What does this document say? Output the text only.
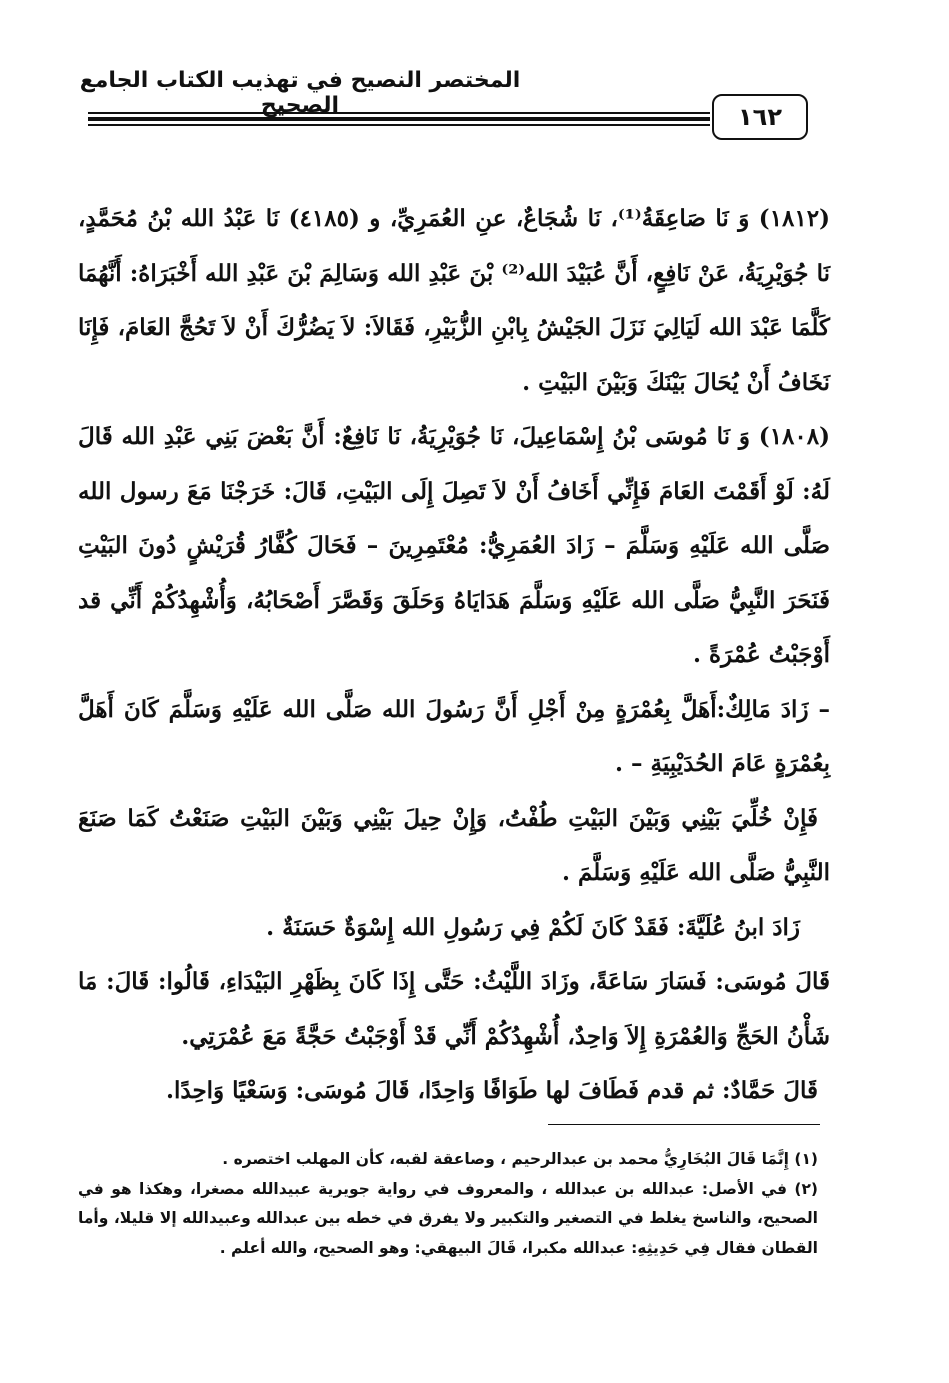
المختصر النصيح في تهذيب الكتاب الجامع الصحيح	١٦٢

(١٨١٢) وَ نَا صَاعِقَةُ⁽¹⁾، نَا شُجَاعٌ، عنِ العُمَرِيِّ، و (٤١٨٥) نَا عَبْدُ الله بْنُ مُحَمَّدٍ، نَا جُوَيْرِيَةُ، عَنْ نَافِعٍ، أَنَّ عُبَيْدَ الله⁽²⁾ بْنَ عَبْدِ الله وَسَالِمَ بْنَ عَبْدِ الله أَخْبَرَاهُ: أَنَّهُمَا كَلَّمَا عَبْدَ الله لَيَالِيَ نَزَلَ الجَيْشُ بِابْنِ الزُّبَيْرِ، فَقَالاَ: لاَ يَضُرُّكَ أَنْ لاَ تَحُجَّ العَامَ، فَإِنَا نَخَافُ أَنْ يُحَالَ بَيْنَكَ وَبَيْنَ البَيْتِ .

(١٨٠٨) وَ نَا مُوسَى بْنُ إِسْمَاعِيلَ، نَا جُوَيْرِيَةُ، نَا نَافِعٌ: أَنَّ بَعْضَ بَنِي عَبْدِ الله قَالَ لَهُ: لَوْ أَقَمْتَ العَامَ فَإِنِّي أَخَافُ أَنْ لاَ تَصِلَ إِلَى البَيْتِ، قَالَ: خَرَجْنَا مَعَ رسول الله صَلَّى الله عَلَيْهِ وَسَلَّمَ – زَادَ العُمَرِيُّ: مُعْتَمِرِينَ – فَحَالَ كُفَّارُ قُرَيْشٍ دُونَ البَيْتِ فَنَحَرَ النَّبِيُّ صَلَّى الله عَلَيْهِ وَسَلَّمَ هَدَايَاهُ وَحَلَقَ وَقَصَّرَ أَصْحَابُهُ، وَأُشْهِدُكُمْ أَنِّي قد أَوْجَبْتُ عُمْرَةً .

– زَادَ مَالِكٌ:أَهَلَّ بِعُمْرَةٍ مِنْ أَجْلِ أَنَّ رَسُولَ الله صَلَّى الله عَلَيْهِ وَسَلَّمَ كَانَ أَهَلَّ بِعُمْرَةٍ عَامَ الحُدَيْبِيَةِ – .

فَإِنْ خُلِّيَ بَيْنِي وَبَيْنَ البَيْتِ طُفْتُ، وَإِنْ حِيلَ بَيْنِي وَبَيْنَ البَيْتِ صَنَعْتُ كَمَا صَنَعَ النَّبِيُّ صَلَّى الله عَلَيْهِ وَسَلَّمَ .

زَادَ ابنُ عُلَيَّةَ: فَقَدْ كَانَ لَكُمْ فِي رَسُولِ الله إِسْوَةٌ حَسَنَةٌ .

قَالَ مُوسَى: فَسَارَ سَاعَةً، وزَادَ اللَّيْثُ: حَتَّى إِذَا كَانَ بِظَهْرِ البَيْدَاءِ، قَالُوا: قَالَ: مَا شَأْنُ الحَجِّ وَالعُمْرَةِ إِلاَ وَاحِدٌ، أُشْهِدُكُمْ أَنِّي قَدْ أَوْجَبْتُ حَجَّةً مَعَ عُمْرَتِي.

قَالَ حَمَّادٌ: ثم قدم فَطَافَ لها طَوَافًا وَاحِدًا، قَالَ مُوسَى: وَسَعْيًا وَاحِدًا.

(١) إِنَّمَا قَالَ البُخَارِيُّ محمد بن عبدالرحيم ، وصاعقة لقبه، كأن المهلب اختصره .

(٢) في الأصل: عبدالله بن عبدالله ، والمعروف في رواية جويرية عبيدالله مصغرا، وهكذا هو في الصحيح، والناسخ يغلط في التصغير والتكبير ولا يفرق في خطه بين عبدالله وعبيدالله إلا قليلا، وأما القطان فقال فِي حَدِيثِهِ: عبدالله مكبرا، قَالَ البيهقي: وهو الصحيح، والله أعلم .
